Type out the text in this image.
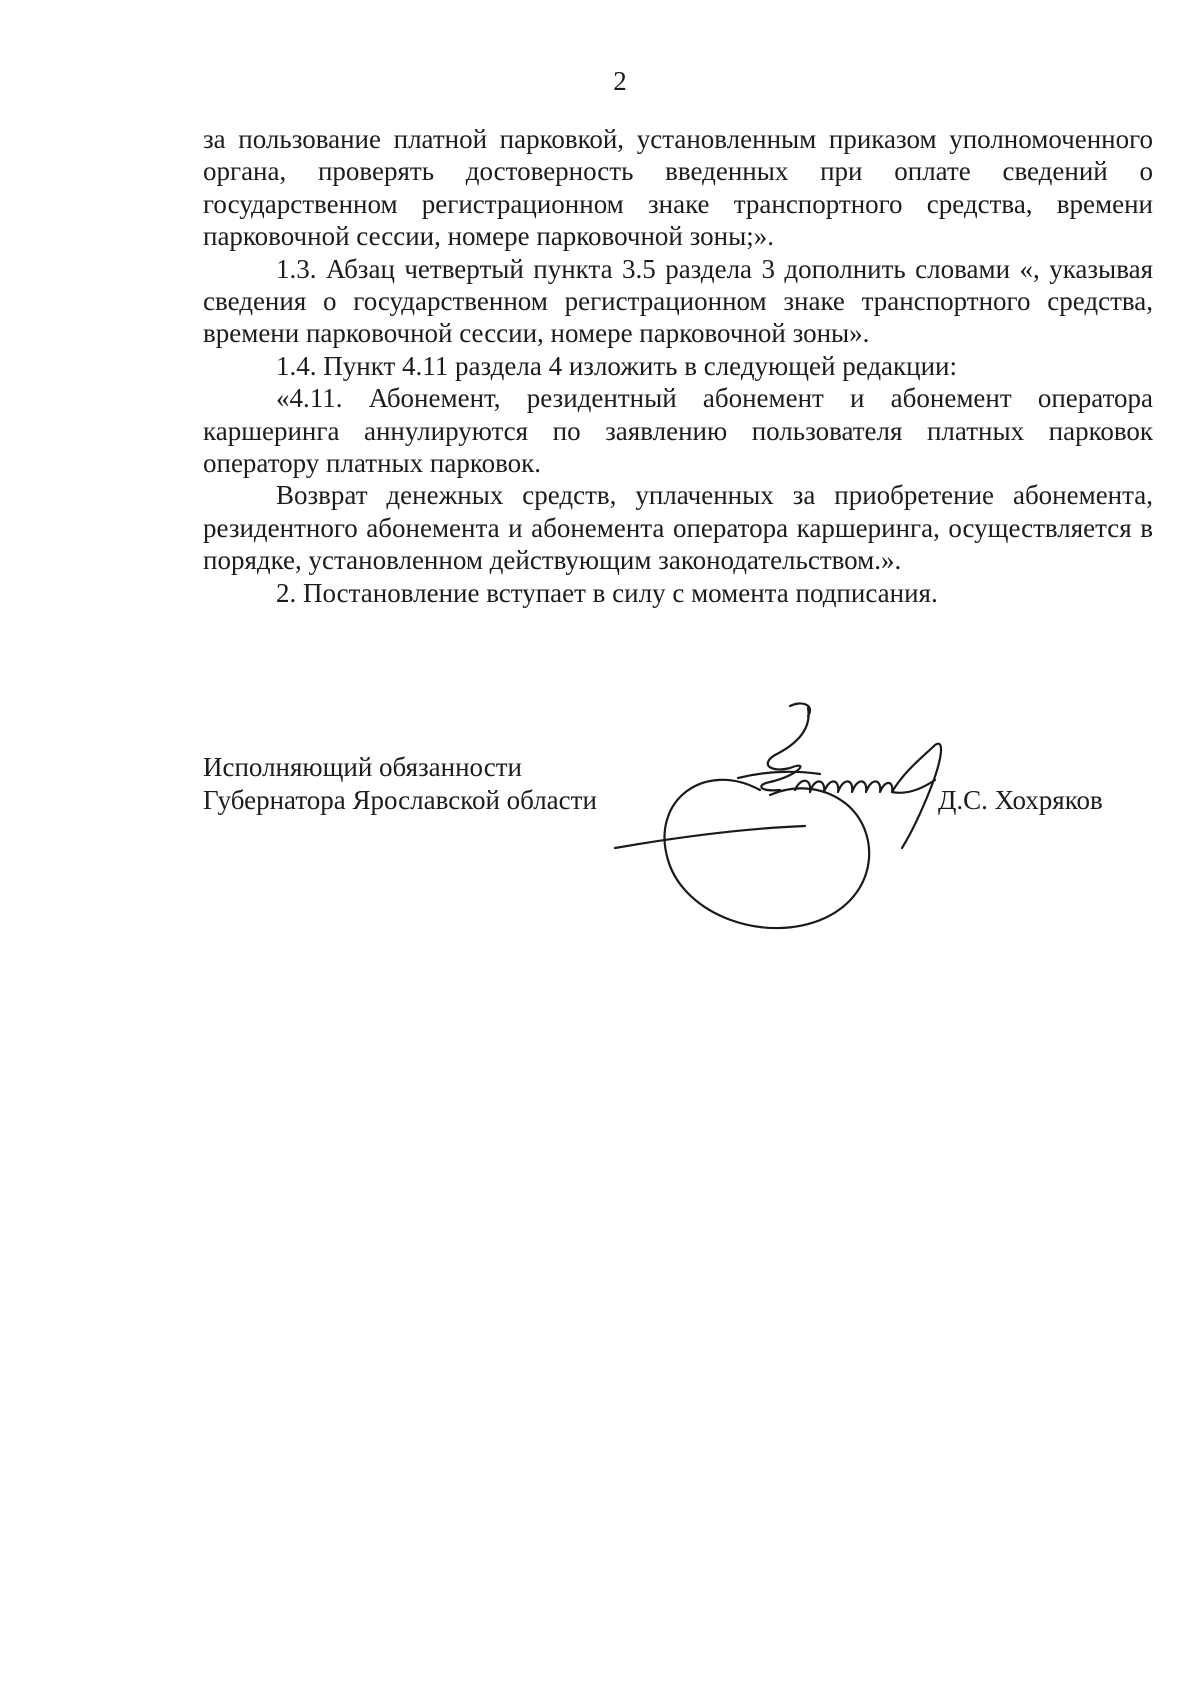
2

за пользование платной парковкой, установленным приказом уполномоченного органа, проверять достоверность введенных при оплате сведений о государственном регистрационном знаке транспортного средства, времени парковочной сессии, номере парковочной зоны;».

1.3. Абзац четвертый пункта 3.5 раздела 3 дополнить словами «, указывая сведения о государственном регистрационном знаке транспортного средства, времени парковочной сессии, номере парковочной зоны».

1.4. Пункт 4.11 раздела 4 изложить в следующей редакции:

«4.11. Абонемент, резидентный абонемент и абонемент оператора каршеринга аннулируются по заявлению пользователя платных парковок оператору платных парковок.

Возврат денежных средств, уплаченных за приобретение абонемента, резидентного абонемента и абонемента оператора каршеринга, осуществляется в порядке, установленном действующим законодательством.».

2. Постановление вступает в силу с момента подписания.

Исполняющий обязанности
Губернатора Ярославской области	Д.С. Хохряков
